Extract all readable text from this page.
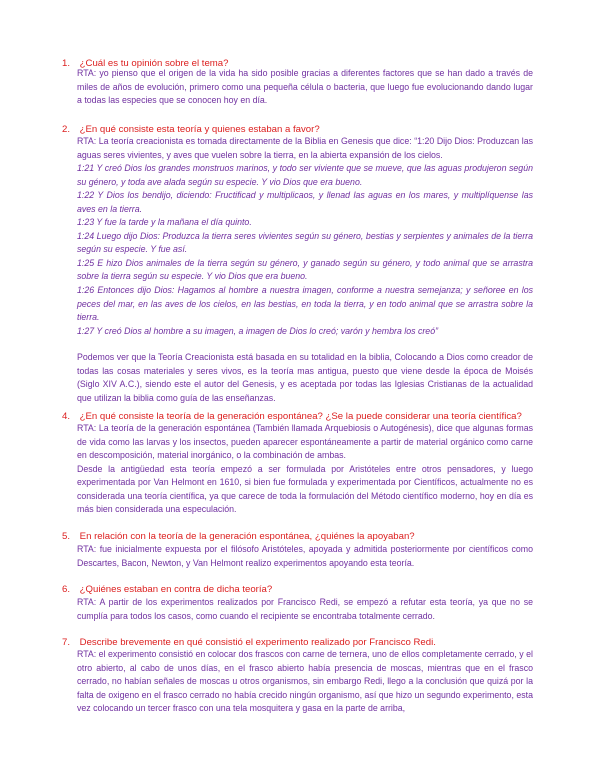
1. ¿Cuál es tu opinión sobre el tema?

RTA: yo pienso que el origen de la vida ha sido posible gracias a diferentes factores que se han dado a través de miles de años de evolución, primero como una pequeña célula o bacteria, que luego fue evolucionando dando lugar a todas las especies que se conocen hoy en día.

2. ¿En qué consiste esta teoría y quienes estaban a favor?

RTA: La teoría creacionista es tomada directamente de la Biblia en Genesis que dice: “1:20 Dijo Dios: Produzcan las aguas seres vivientes, y aves que vuelen sobre la tierra, en la abierta expansión de los cielos.

1:21 Y creó Dios los grandes monstruos marinos, y todo ser viviente que se mueve, que las aguas produjeron según su género, y toda ave alada según su especie. Y vio Dios que era bueno.

1:22 Y Dios los bendijo, diciendo: Fructificad y multiplicaos, y llenad las aguas en los mares, y multiplíquense las aves en la tierra.

1:23 Y fue la tarde y la mañana el día quinto.

1:24 Luego dijo Dios: Produzca la tierra seres vivientes según su género, bestias y serpientes y animales de la tierra según su especie. Y fue así.

1:25 E hizo Dios animales de la tierra según su género, y ganado según su género, y todo animal que se arrastra sobre la tierra según su especie. Y vio Dios que era bueno.

1:26 Entonces dijo Dios: Hagamos al hombre a nuestra imagen, conforme a nuestra semejanza; y señoree en los peces del mar, en las aves de los cielos, en las bestias, en toda la tierra, y en todo animal que se arrastra sobre la tierra.

1:27 Y creó Dios al hombre a su imagen, a imagen de Dios lo creó; varón y hembra los creó”

Podemos ver que la Teoría Creacionista está basada en su totalidad en la biblia, Colocando a Dios como creador de todas las cosas materiales y seres vivos, es la teoría mas antigua, puesto que viene desde la época de Moisés (Siglo XIV A.C.), siendo este el autor del Genesis, y es aceptada por todas las Iglesias Cristianas de la actualidad que utilizan la biblia como guía de las enseñanzas.

4. ¿En qué consiste la teoría de la generación espontánea? ¿Se la puede considerar una teoría científica?

RTA: La teoría de la generación espontánea (También llamada Arquebiosis o Autogénesis), dice que algunas formas de vida como las larvas y los insectos, pueden aparecer espontáneamente a partir de material orgánico como carne en descomposición, material inorgánico, o la combinación de ambas.

Desde la antigüedad esta teoría empezó a ser formulada por Aristóteles entre otros pensadores, y luego experimentada por Van Helmont en 1610, si bien fue formulada y experimentada por Científicos, actualmente no es considerada una teoría científica, ya que carece de toda la formulación del Método científico moderno, hoy en día es más bien considerada una especulación.

5. En relación con la teoría de la generación espontánea, ¿quiénes la apoyaban?

RTA: fue inicialmente expuesta por el filósofo Aristóteles, apoyada y admitida posteriormente por científicos como Descartes, Bacon, Newton, y Van Helmont realizo experimentos apoyando esta teoría.

6. ¿Quiénes estaban en contra de dicha teoría?

RTA: A partir de los experimentos realizados por Francisco Redi, se empezó a refutar esta teoría, ya que no se cumplía para todos los casos, como cuando el recipiente se encontraba totalmente cerrado.

7. Describe brevemente en qué consistió el experimento realizado por Francisco Redi.

RTA: el experimento consistió en colocar dos frascos con carne de ternera, uno de ellos completamente cerrado, y el otro abierto, al cabo de unos días, en el frasco abierto había presencia de moscas, mientras que en el frasco cerrado, no habían señales de moscas u otros organismos, sin embargo Redi, llego a la conclusión que quizá por la falta de oxigeno en el frasco cerrado no había crecido ningún organismo, así que hizo un segundo experimento, esta vez colocando un tercer frasco con una tela mosquitera y gasa en la parte de arriba,
